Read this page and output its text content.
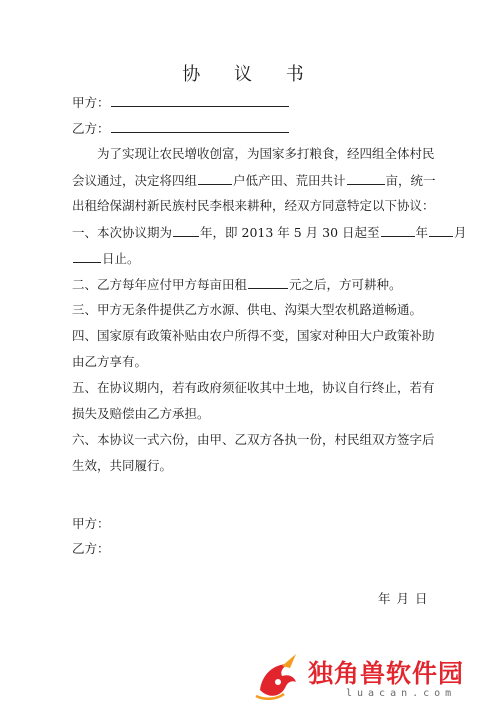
协 议 书
甲方：
乙方：
为了实现让农民增收创富，为国家多打粮食，经四组全体村民
会议通过，决定将四组	户低产田、荒田共计	亩，统一
出租给保湖村新民族村民李根来耕种，经双方同意特定以下协议：
一、本次协议期为 年，即 2013 年 5 月 30 日起至	年 月
日止。
二、乙方每年应付甲方每亩田租	元之后，方可耕种。
三、甲方无条件提供乙方水源、供电、沟渠大型农机路道畅通。
四、国家原有政策补贴由农户所得不变，国家对种田大户政策补助
由乙方享有。
五、在协议期内，若有政府须征收其中土地，协议自行终止，若有
损失及赔偿由乙方承担。
六、本协议一式六份，由甲、乙双方各执一份，村民组双方签字后
生效，共同履行。
甲方：
乙方：
年 月 日
独角兽软件园
luacan.com
